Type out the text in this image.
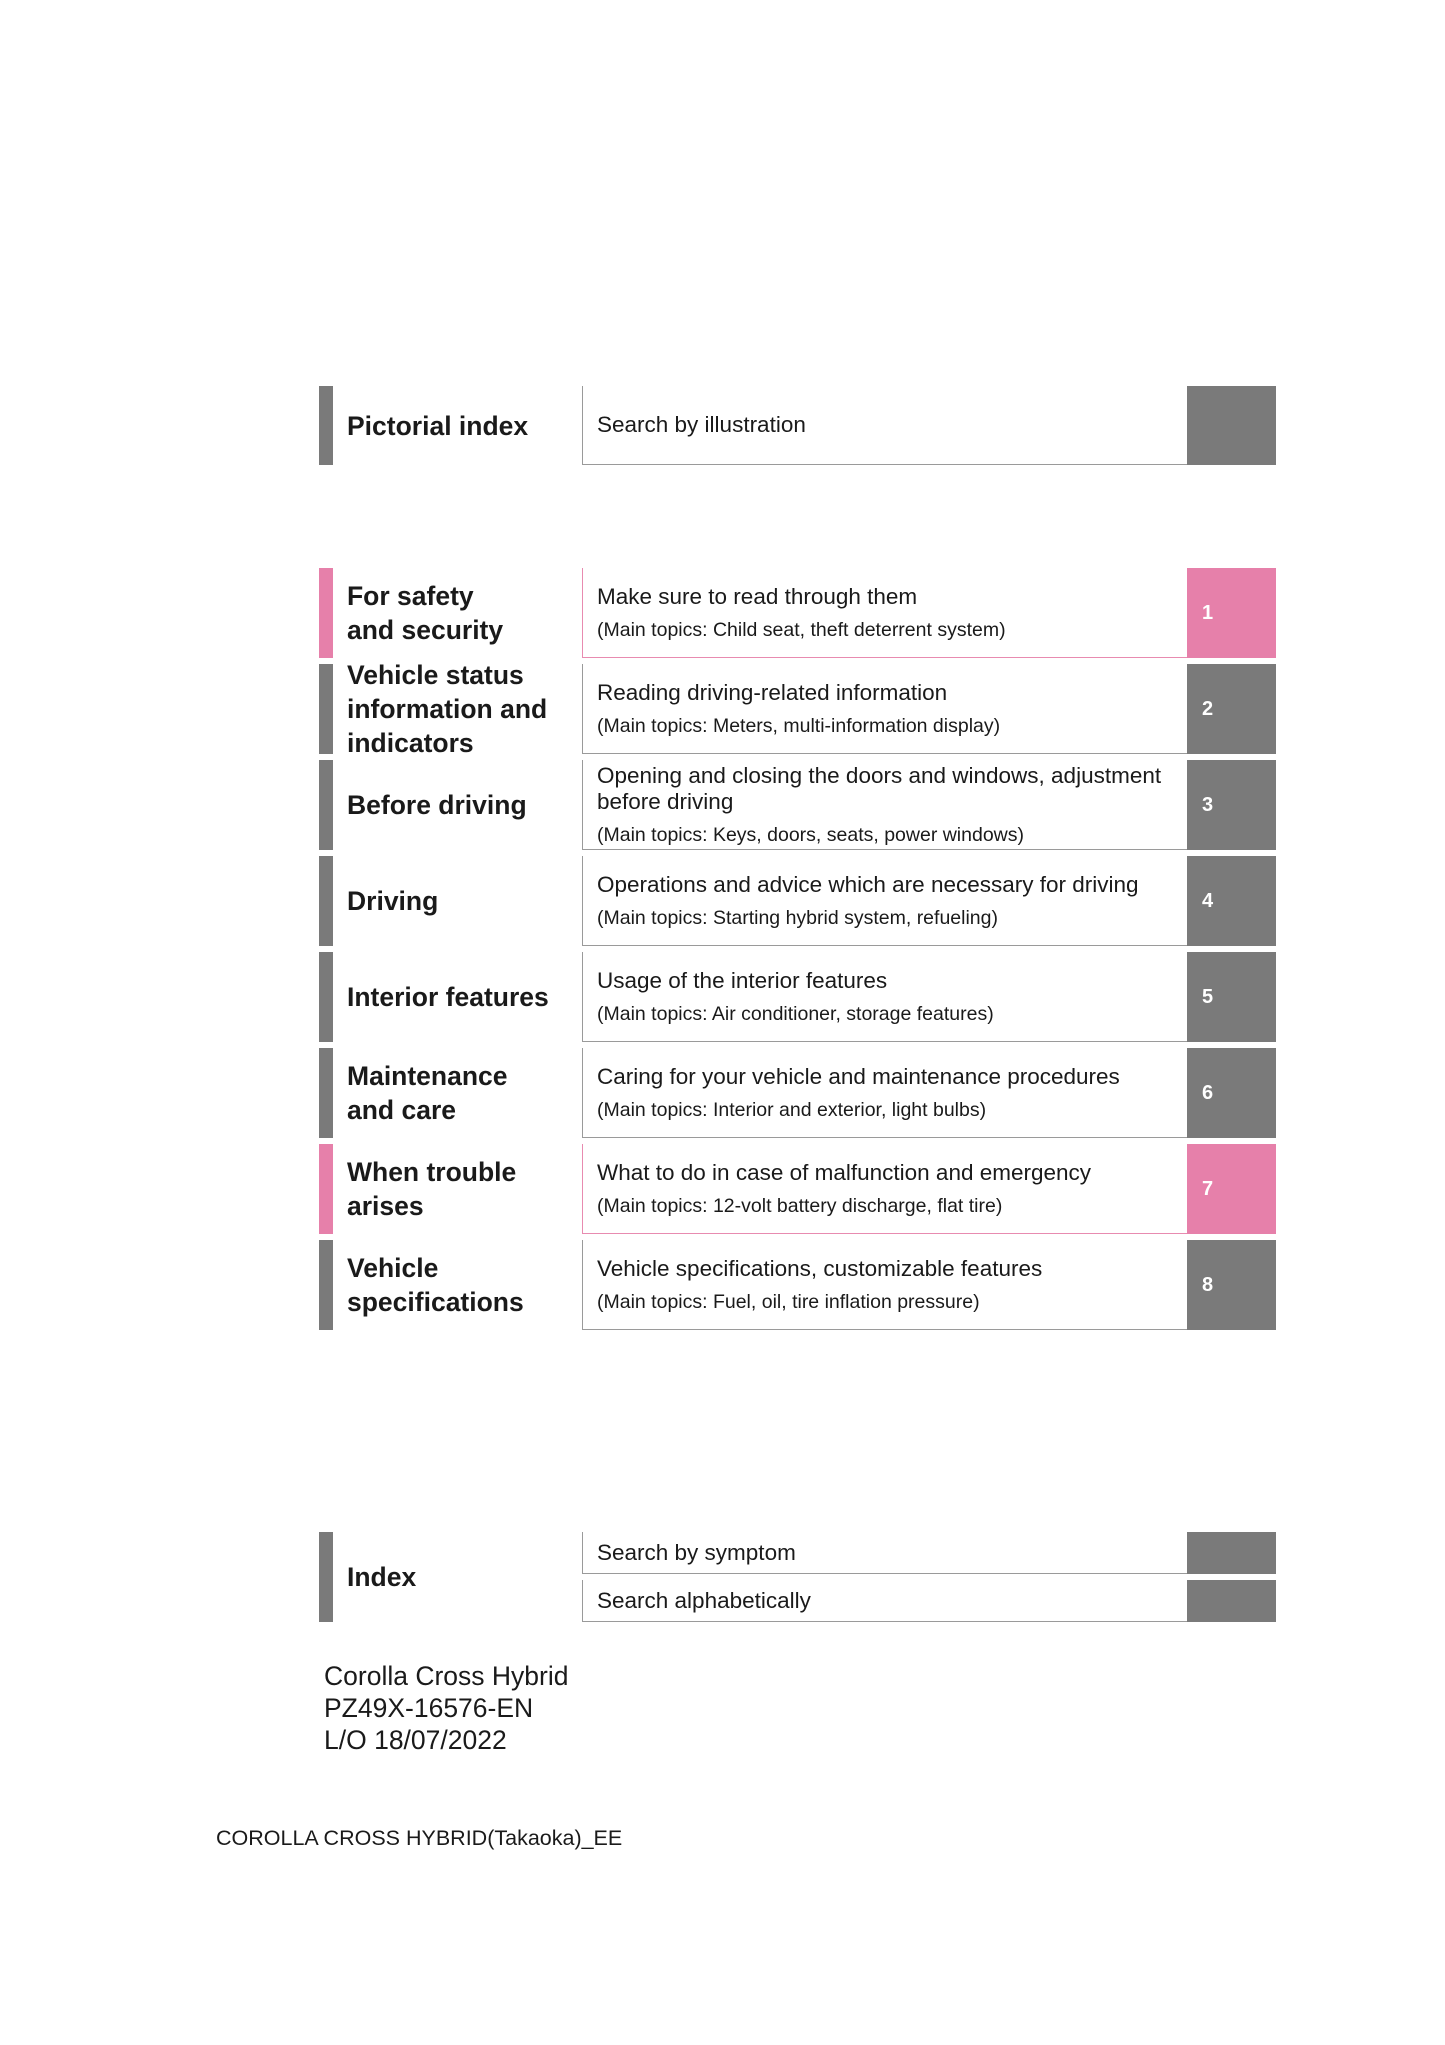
Pictorial index	Search by illustration
For safety
and security
Make sure to read through them
(Main topics: Child seat, theft deterrent system)
1
Vehicle status
information and
indicators
Reading driving-related information
(Main topics: Meters, multi-information display)
2
Before driving
Opening and closing the doors and windows, adjustment before driving
(Main topics: Keys, doors, seats, power windows)
3
Driving
Operations and advice which are necessary for driving
(Main topics: Starting hybrid system, refueling)
4
Interior features
Usage of the interior features
(Main topics: Air conditioner, storage features)
5
Maintenance
and care
Caring for your vehicle and maintenance procedures
(Main topics: Interior and exterior, light bulbs)
6
When trouble
arises
What to do in case of malfunction and emergency
(Main topics: 12-volt battery discharge, flat tire)
7
Vehicle
specifications
Vehicle specifications, customizable features
(Main topics: Fuel, oil, tire inflation pressure)
8
Index
Search by symptom
Search alphabetically
Corolla Cross Hybrid
PZ49X-16576-EN
L/O 18/07/2022
COROLLA CROSS HYBRID(Takaoka)_EE
